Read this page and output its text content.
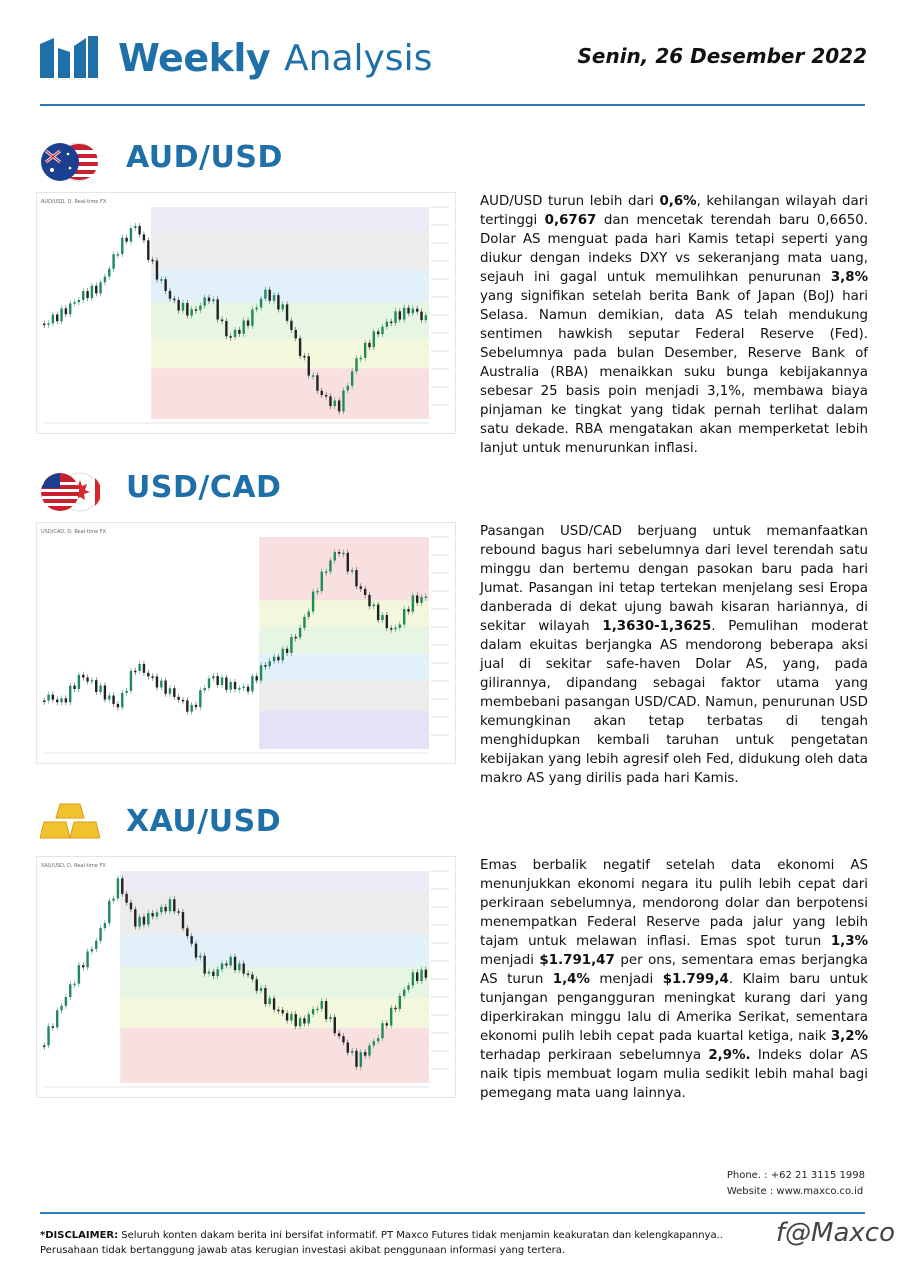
Weekly Analysis	Senin, 26 Desember 2022
AUD/USD
AUD/USD, D, Real-time FX	AUD/USD turun lebih dari 0,6%, kehilangan wilayah dari tertinggi 0,6767 dan mencetak terendah baru 0,6650. Dolar AS menguat pada hari Kamis tetapi seperti yang diukur dengan indeks DXY vs sekeranjang mata uang, sejauh ini gagal untuk memulihkan penurunan 3,8% yang signifikan setelah berita Bank of Japan (BoJ) hari Selasa. Namun demikian, data AS telah mendukung sentimen hawkish seputar Federal Reserve (Fed). Sebelumnya pada bulan Desember, Reserve Bank of Australia (RBA) menaikkan suku bunga kebijakannya sebesar 25 basis poin menjadi 3,1%, membawa biaya pinjaman ke tingkat yang tidak pernah terlihat dalam satu dekade. RBA mengatakan akan memperketat lebih lanjut untuk menurunkan inflasi.
USD/CAD
USD/CAD, D, Real-time FX	Pasangan USD/CAD berjuang untuk memanfaatkan rebound bagus hari sebelumnya dari level terendah satu minggu dan bertemu dengan pasokan baru pada hari Jumat. Pasangan ini tetap tertekan menjelang sesi Eropa danberada di dekat ujung bawah kisaran hariannya, di sekitar wilayah 1,3630-1,3625. Pemulihan moderat dalam ekuitas berjangka AS mendorong beberapa aksi jual di sekitar safe-haven Dolar AS, yang, pada gilirannya, dipandang sebagai faktor utama yang membebani pasangan USD/CAD. Namun, penurunan USD kemungkinan akan tetap terbatas di tengah menghidupkan kembali taruhan untuk pengetatan kebijakan yang lebih agresif oleh Fed, didukung oleh data makro AS yang dirilis pada hari Kamis.
XAU/USD
XAU/USD, D, Real-time FX	Emas berbalik negatif setelah data ekonomi AS menunjukkan ekonomi negara itu pulih lebih cepat dari perkiraan sebelumnya, mendorong dolar dan berpotensi menempatkan Federal Reserve pada jalur yang lebih tajam untuk melawan inflasi. Emas spot turun 1,3% menjadi $1.791,47 per ons, sementara emas berjangka AS turun 1,4% menjadi $1.799,4. Klaim baru untuk tunjangan pengangguran meningkat kurang dari yang diperkirakan minggu lalu di Amerika Serikat, sementara ekonomi pulih lebih cepat pada kuartal ketiga, naik 3,2% terhadap perkiraan sebelumnya 2,9%. Indeks dolar AS naik tipis membuat logam mulia sedikit lebih mahal bagi pemegang mata uang lainnya.
Phone. : +62 21 3115 1998
Website : www.maxco.co.id
*DISCLAIMER: Seluruh konten dakam berita ini bersifat informatif. PT Maxco Futures tidak menjamin keakuratan dan kelengkapannya.. Perusahaan tidak bertanggung jawab atas kerugian investasi akibat penggunaan informasi yang tertera.
f@Maxco
